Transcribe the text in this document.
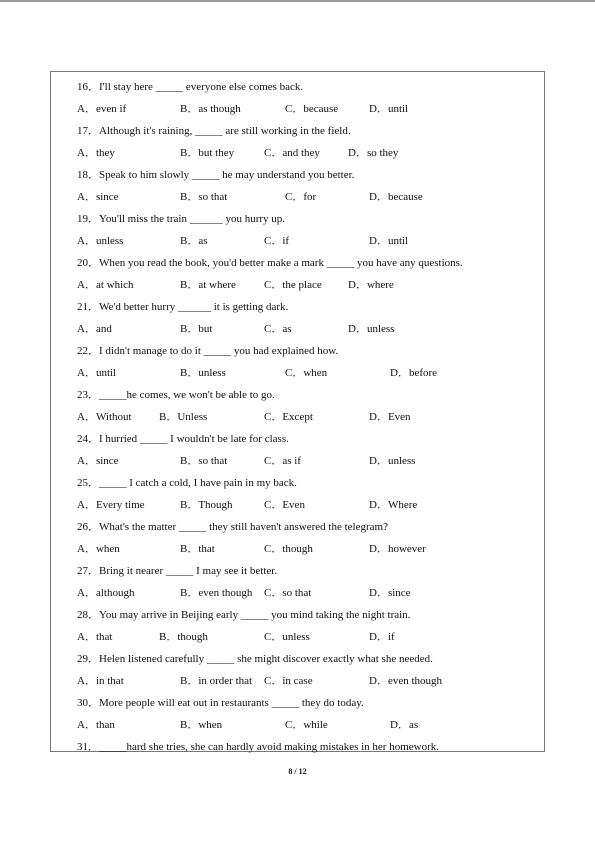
16．I'll stay here _____ everyone else comes back.
A．even if	B．as though	C．because	D．until
17．Although it's raining, _____ are still working in the field．
A．they	B．but they	C．and they	D．so they
18．Speak to him slowly _____ he may understand you better.
A．since	B．so that	C．for	D．because
19．You'll miss the train ______ you hurry up.
A．unless	B．as	C．if	D．until
20．When you read the book, you'd better make a mark _____ you have any questions.
A．at which	B．at where	C．the place D．where
21．We'd better hurry ______ it is getting dark.
A．and	B．but	C．as	D．unless
22．I didn't manage to do it _____ you had explained how.
A．until	B．unless	C．when	D．before
23．_____he comes, we won't be able to go.
A．Without B．Unless	C．Except	D．Even
24．I hurried _____ I wouldn't be late for class.
A．since	B．so that	C．as if	D．unless
25．_____ I catch a cold, I have pain in my back.
A．Every time	B．Though	C．Even	D．Where
26．What's the matter _____ they still haven't answered the telegram?
A．when	B．that	C．though	D．however
27．Bring it nearer _____ I may see it better.
A．although	B．even though C．so that	D．since
28．You may arrive in Beijing early _____ you mind taking the night train.
A．that	B．though	C．unless	D．if
29．Helen listened carefully _____ she might discover exactly what she needed.
A．in that	B．in order that C．in case	D．even though
30．More people will eat out in restaurants _____ they do today.
A．than	B．when	C．while	D．as
31．_____hard she tries, she can hardly avoid making mistakes in her homework.
8 / 12
